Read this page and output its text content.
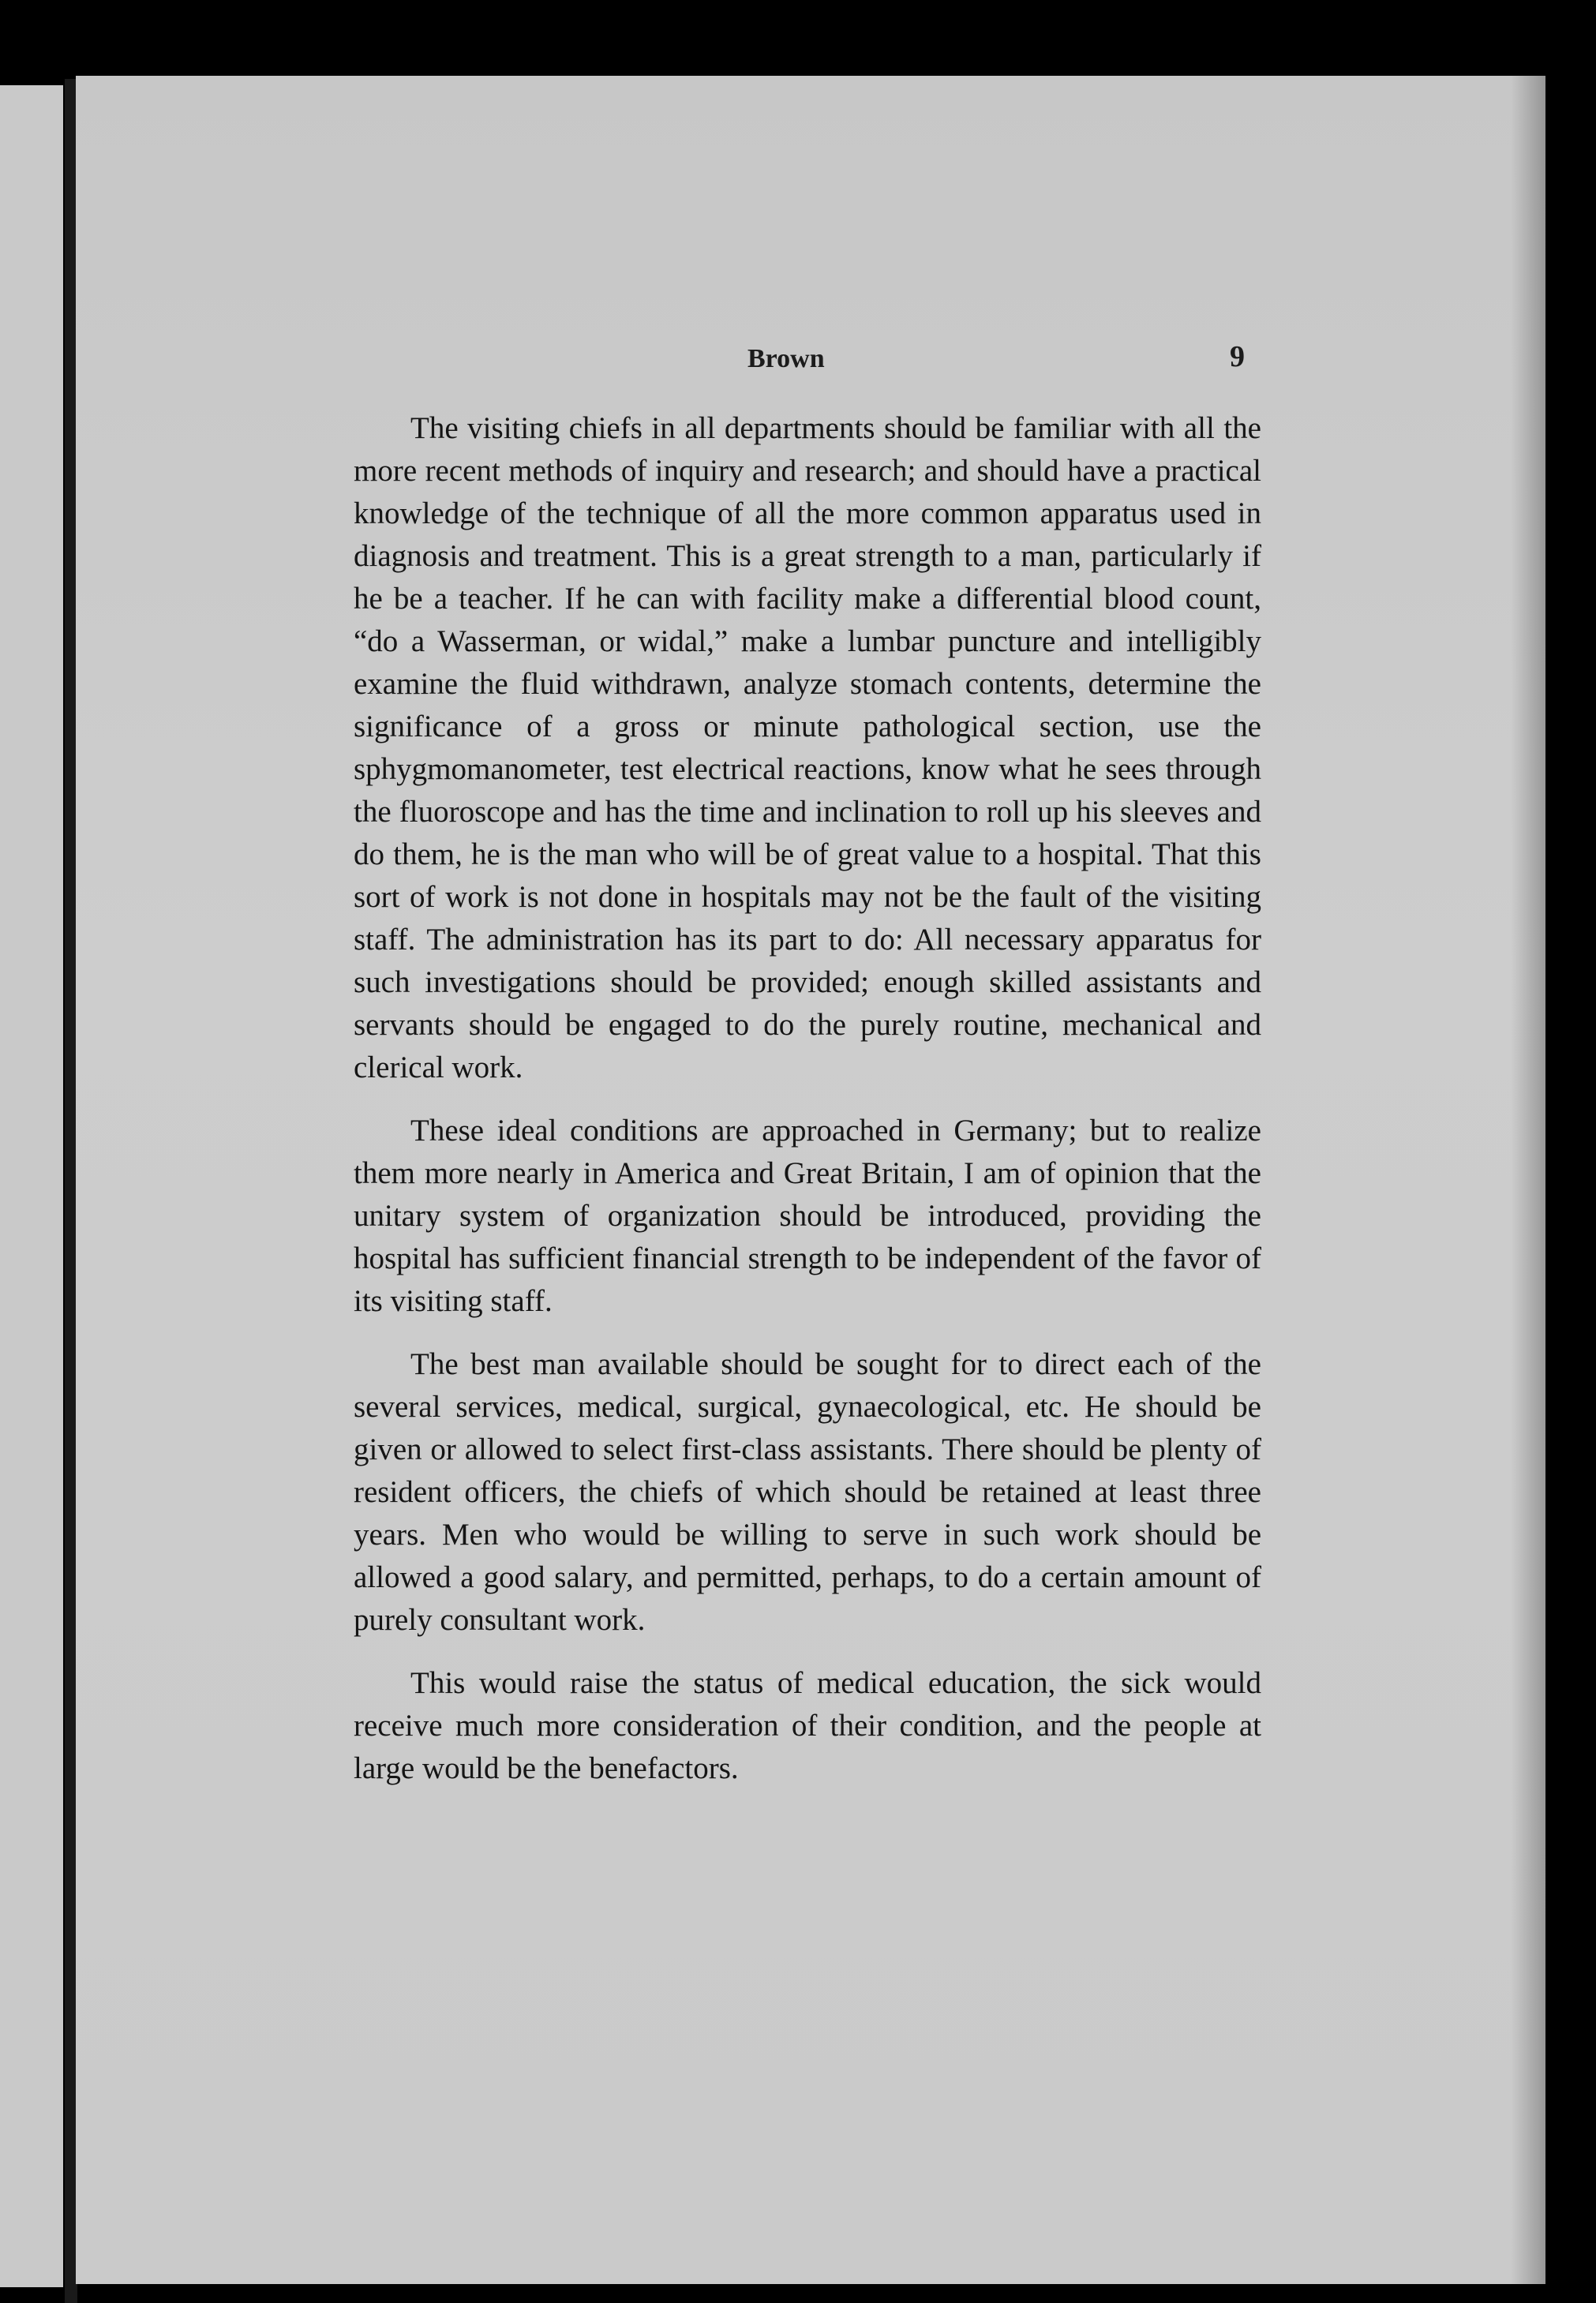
Brown	9

The visiting chiefs in all departments should be familiar with all the more recent methods of inquiry and research; and should have a practical knowledge of the technique of all the more common apparatus used in diagnosis and treatment. This is a great strength to a man, particularly if he be a teacher. If he can with facility make a differential blood count, “do a Wasserman, or widal,” make a lumbar puncture and intelligibly examine the fluid withdrawn, analyze stomach contents, determine the significance of a gross or minute pathological section, use the sphygmomanometer, test electrical reactions, know what he sees through the fluoroscope and has the time and inclination to roll up his sleeves and do them, he is the man who will be of great value to a hospital. That this sort of work is not done in hospitals may not be the fault of the visiting staff. The administration has its part to do: All necessary apparatus for such investigations should be provided; enough skilled assistants and servants should be engaged to do the purely routine, mechanical and clerical work.

These ideal conditions are approached in Germany; but to realize them more nearly in America and Great Britain, I am of opinion that the unitary system of organization should be introduced, providing the hospital has sufficient financial strength to be independent of the favor of its visiting staff.

The best man available should be sought for to direct each of the several services, medical, surgical, gynaecological, etc. He should be given or allowed to select first-class assistants. There should be plenty of resident officers, the chiefs of which should be retained at least three years. Men who would be willing to serve in such work should be allowed a good salary, and permitted, perhaps, to do a certain amount of purely consultant work.

This would raise the status of medical education, the sick would receive much more consideration of their condition, and the people at large would be the benefactors.
